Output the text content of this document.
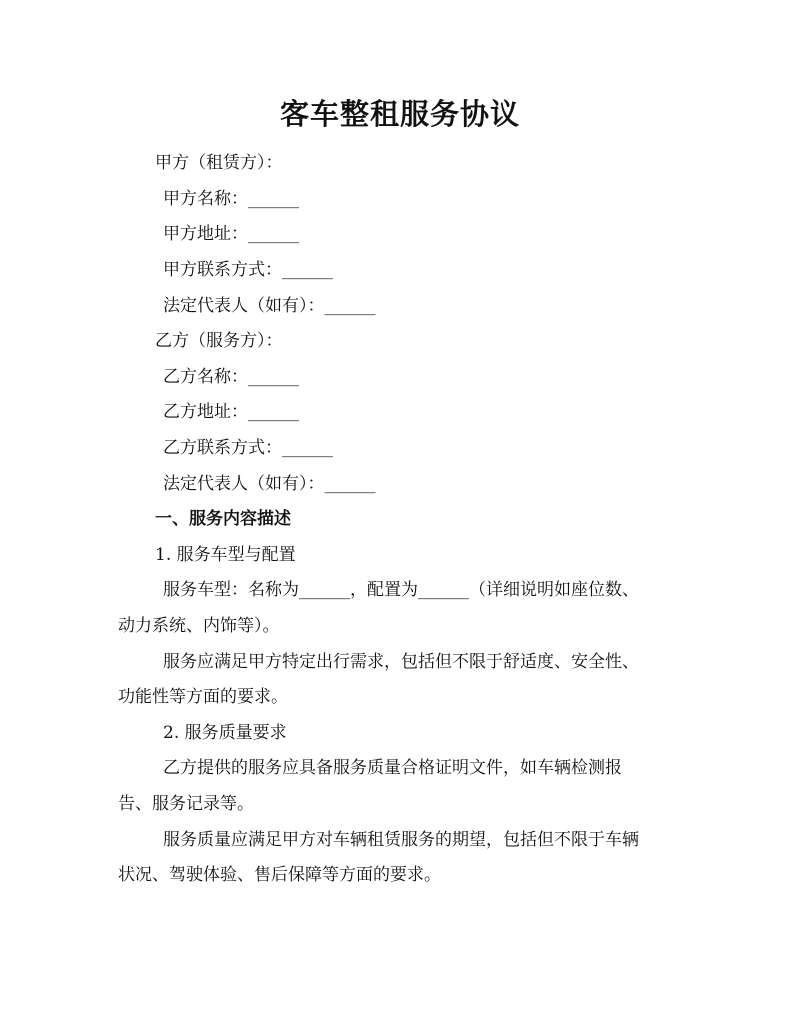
客车整租服务协议
甲方（租赁方）：
甲方名称：______
甲方地址：______
甲方联系方式：______
法定代表人（如有）：______
乙方（服务方）：
乙方名称：______
乙方地址：______
乙方联系方式：______
法定代表人（如有）：______
一、服务内容描述
1. 服务车型与配置
服务车型：名称为______，配置为______（详细说明如座位数、
动力系统、内饰等）。
服务应满足甲方特定出行需求，包括但不限于舒适度、安全性、
功能性等方面的要求。
2. 服务质量要求
乙方提供的服务应具备服务质量合格证明文件，如车辆检测报
告、服务记录等。
服务质量应满足甲方对车辆租赁服务的期望，包括但不限于车辆
状况、驾驶体验、售后保障等方面的要求。
